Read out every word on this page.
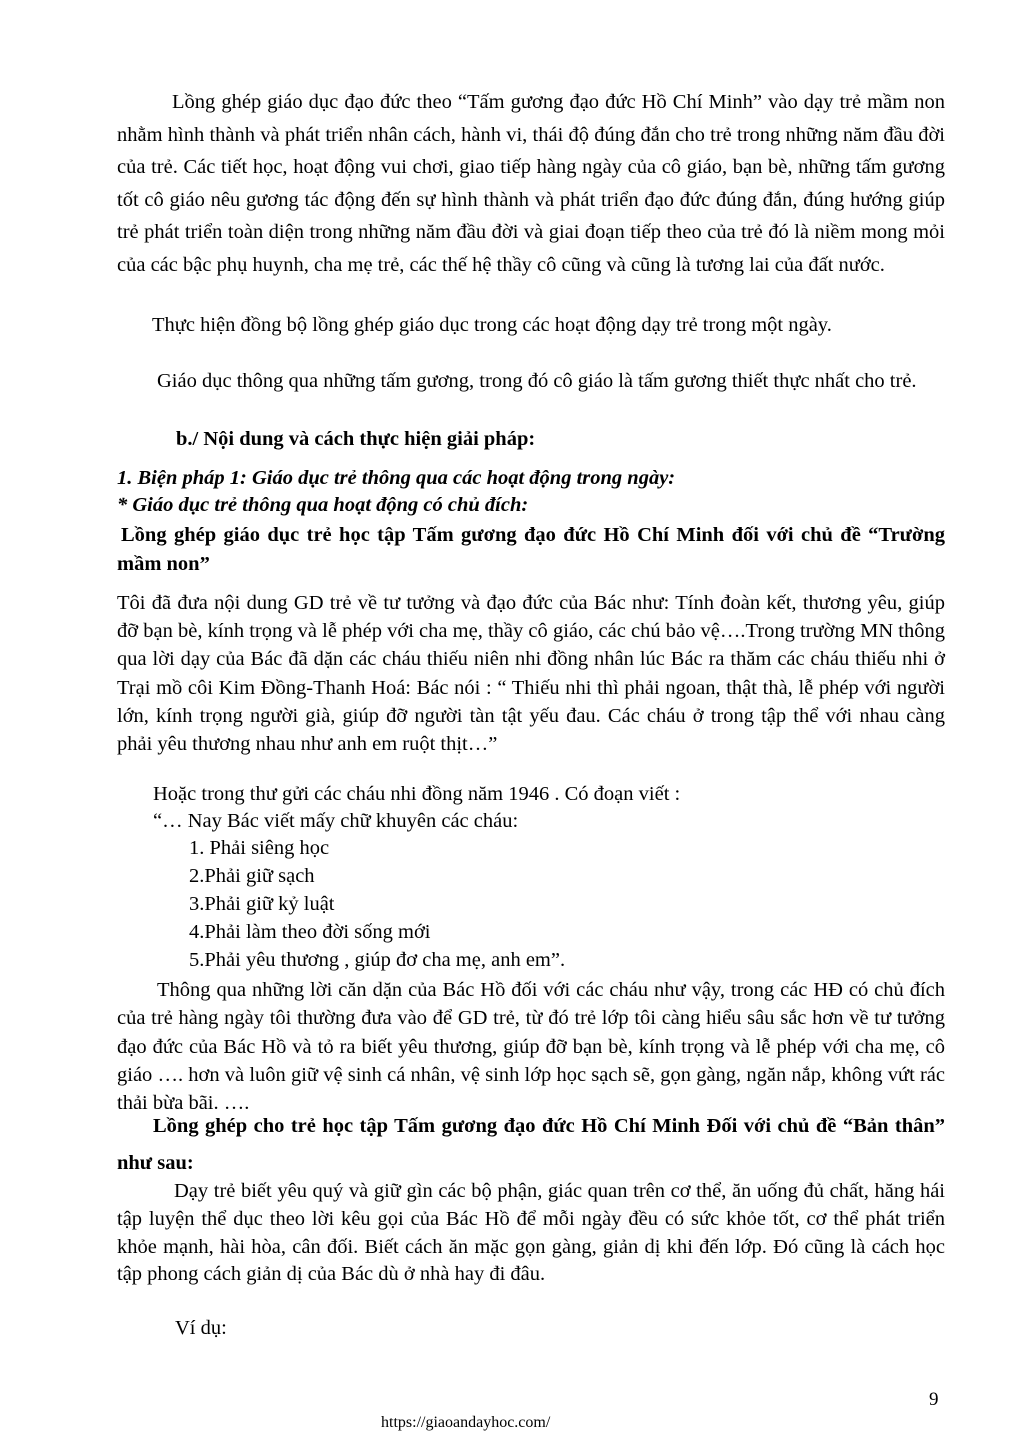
Lồng ghép giáo dục đạo đức theo “Tấm gương đạo đức Hồ Chí Minh” vào dạy trẻ mầm non nhằm hình thành và phát triển nhân cách, hành vi, thái độ đúng đắn cho trẻ trong những năm đầu đời của trẻ. Các tiết học, hoạt động vui chơi, giao tiếp hàng ngày của cô giáo, bạn bè, những tấm gương tốt cô giáo nêu gương tác động đến sự hình thành và phát triển đạo đức đúng đắn, đúng hướng giúp trẻ phát triển toàn diện trong những năm đầu đời và giai đoạn tiếp theo của trẻ đó là niềm mong mỏi của các bậc phụ huynh, cha mẹ trẻ, các thế hệ thầy cô cũng và cũng là tương lai của đất nước.

Thực hiện đồng bộ lồng ghép giáo dục trong các hoạt động dạy trẻ trong một ngày.

Giáo dục thông qua những tấm gương, trong đó cô giáo là tấm gương thiết thực nhất cho trẻ.

b./ Nội dung và cách thực hiện giải pháp:

1. Biện pháp 1: Giáo dục trẻ thông qua các hoạt động trong ngày:

* Giáo dục trẻ thông qua hoạt động có chủ đích:

Lồng ghép giáo dục trẻ học tập Tấm gương đạo đức Hồ Chí Minh đối với chủ đề “Trường mầm non”

Tôi đã đưa nội dung GD trẻ về tư tưởng và đạo đức của Bác như: Tính đoàn kết, thương yêu, giúp đỡ bạn bè, kính trọng và lễ phép với cha mẹ, thầy cô giáo, các chú bảo vệ….Trong trường MN thông qua lời dạy của Bác đã dặn các cháu thiếu niên nhi đồng nhân lúc Bác ra thăm các cháu thiếu nhi ở Trại mồ côi Kim Đồng-Thanh Hoá: Bác nói : “ Thiếu nhi thì phải ngoan, thật thà, lễ phép với người lớn, kính trọng người già, giúp đỡ người tàn tật yếu đau. Các cháu ở trong tập thể với nhau càng phải yêu thương nhau như anh em ruột thịt…”

Hoặc trong thư gửi các cháu nhi đồng năm 1946 . Có đoạn viết :

“… Nay Bác viết mấy chữ khuyên các cháu:

1. Phải siêng học

2.Phải giữ sạch

3.Phải giữ kỷ luật

4.Phải làm theo đời sống mới

5.Phải yêu thương , giúp đơ cha mẹ, anh em”.

Thông qua những lời căn dặn của Bác Hồ đối với các cháu như vậy, trong các HĐ có chủ đích của trẻ hàng ngày tôi thường đưa vào để GD trẻ, từ đó trẻ lớp tôi càng hiểu sâu sắc hơn về tư tưởng đạo đức của Bác Hồ và tỏ ra biết yêu thương, giúp đỡ bạn bè, kính trọng và lễ phép với cha mẹ, cô giáo …. hơn và luôn giữ vệ sinh cá nhân, vệ sinh lớp học sạch sẽ, gọn gàng, ngăn nắp, không vứt rác thải bừa bãi. ….

Lồng ghép cho trẻ học tập Tấm gương đạo đức Hồ Chí Minh Đối với chủ đề “Bản thân” như sau:

Dạy trẻ biết yêu quý và giữ gìn các bộ phận, giác quan trên cơ thể, ăn uống đủ chất, hăng hái tập luyện thể dục theo lời kêu gọi của Bác Hồ để mỗi ngày đều có sức khỏe tốt, cơ thể phát triển khỏe mạnh, hài hòa, cân đối. Biết cách ăn mặc gọn gàng, giản dị khi đến lớp. Đó cũng là cách học tập phong cách giản dị của Bác dù ở nhà hay đi đâu.

Ví dụ:

9

https://giaoandayhoc.com/
